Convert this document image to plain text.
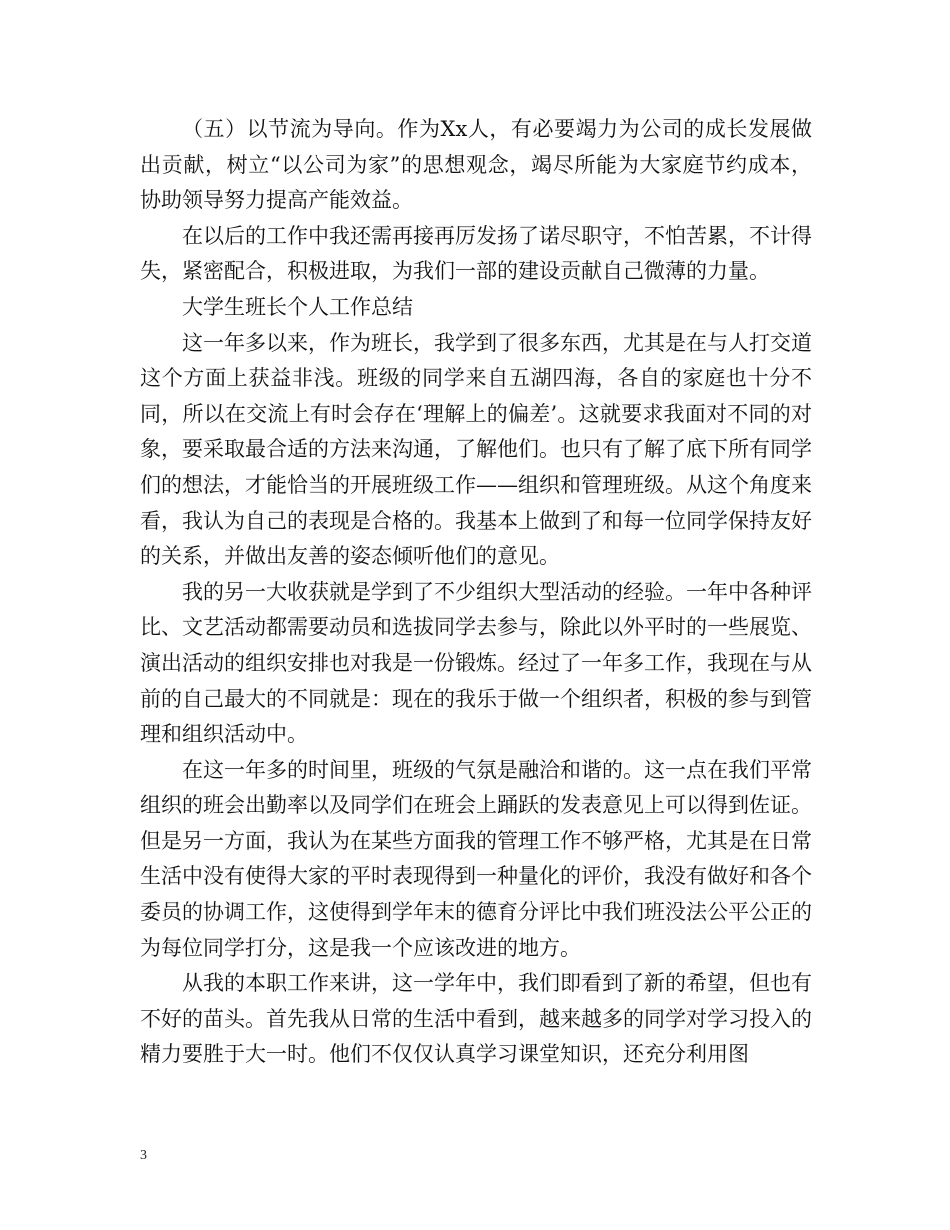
（五）以节流为导向。作为Xx人，有必要竭力为公司的成长发展做出贡献，树立“以公司为家”的思想观念，竭尽所能为大家庭节约成本，协助领导努力提高产能效益。

在以后的工作中我还需再接再厉发扬了诺尽职守，不怕苦累，不计得失，紧密配合，积极进取，为我们一部的建设贡献自己微薄的力量。

大学生班长个人工作总结

这一年多以来，作为班长，我学到了很多东西，尤其是在与人打交道这个方面上获益非浅。班级的同学来自五湖四海，各自的家庭也十分不同，所以在交流上有时会存在‘理解上的偏差’。这就要求我面对不同的对象，要采取最合适的方法来沟通，了解他们。也只有了解了底下所有同学们的想法，才能恰当的开展班级工作——组织和管理班级。从这个角度来看，我认为自己的表现是合格的。我基本上做到了和每一位同学保持友好的关系，并做出友善的姿态倾听他们的意见。

我的另一大收获就是学到了不少组织大型活动的经验。一年中各种评比、文艺活动都需要动员和选拔同学去参与，除此以外平时的一些展览、演出活动的组织安排也对我是一份锻炼。经过了一年多工作，我现在与从前的自己最大的不同就是：现在的我乐于做一个组织者，积极的参与到管理和组织活动中。

在这一年多的时间里，班级的气氛是融洽和谐的。这一点在我们平常组织的班会出勤率以及同学们在班会上踊跃的发表意见上可以得到佐证。但是另一方面，我认为在某些方面我的管理工作不够严格，尤其是在日常生活中没有使得大家的平时表现得到一种量化的评价，我没有做好和各个委员的协调工作，这使得到学年末的德育分评比中我们班没法公平公正的为每位同学打分，这是我一个应该改进的地方。

从我的本职工作来讲，这一学年中，我们即看到了新的希望，但也有不好的苗头。首先我从日常的生活中看到，越来越多的同学对学习投入的精力要胜于大一时。他们不仅仅认真学习课堂知识，还充分利用图

3
